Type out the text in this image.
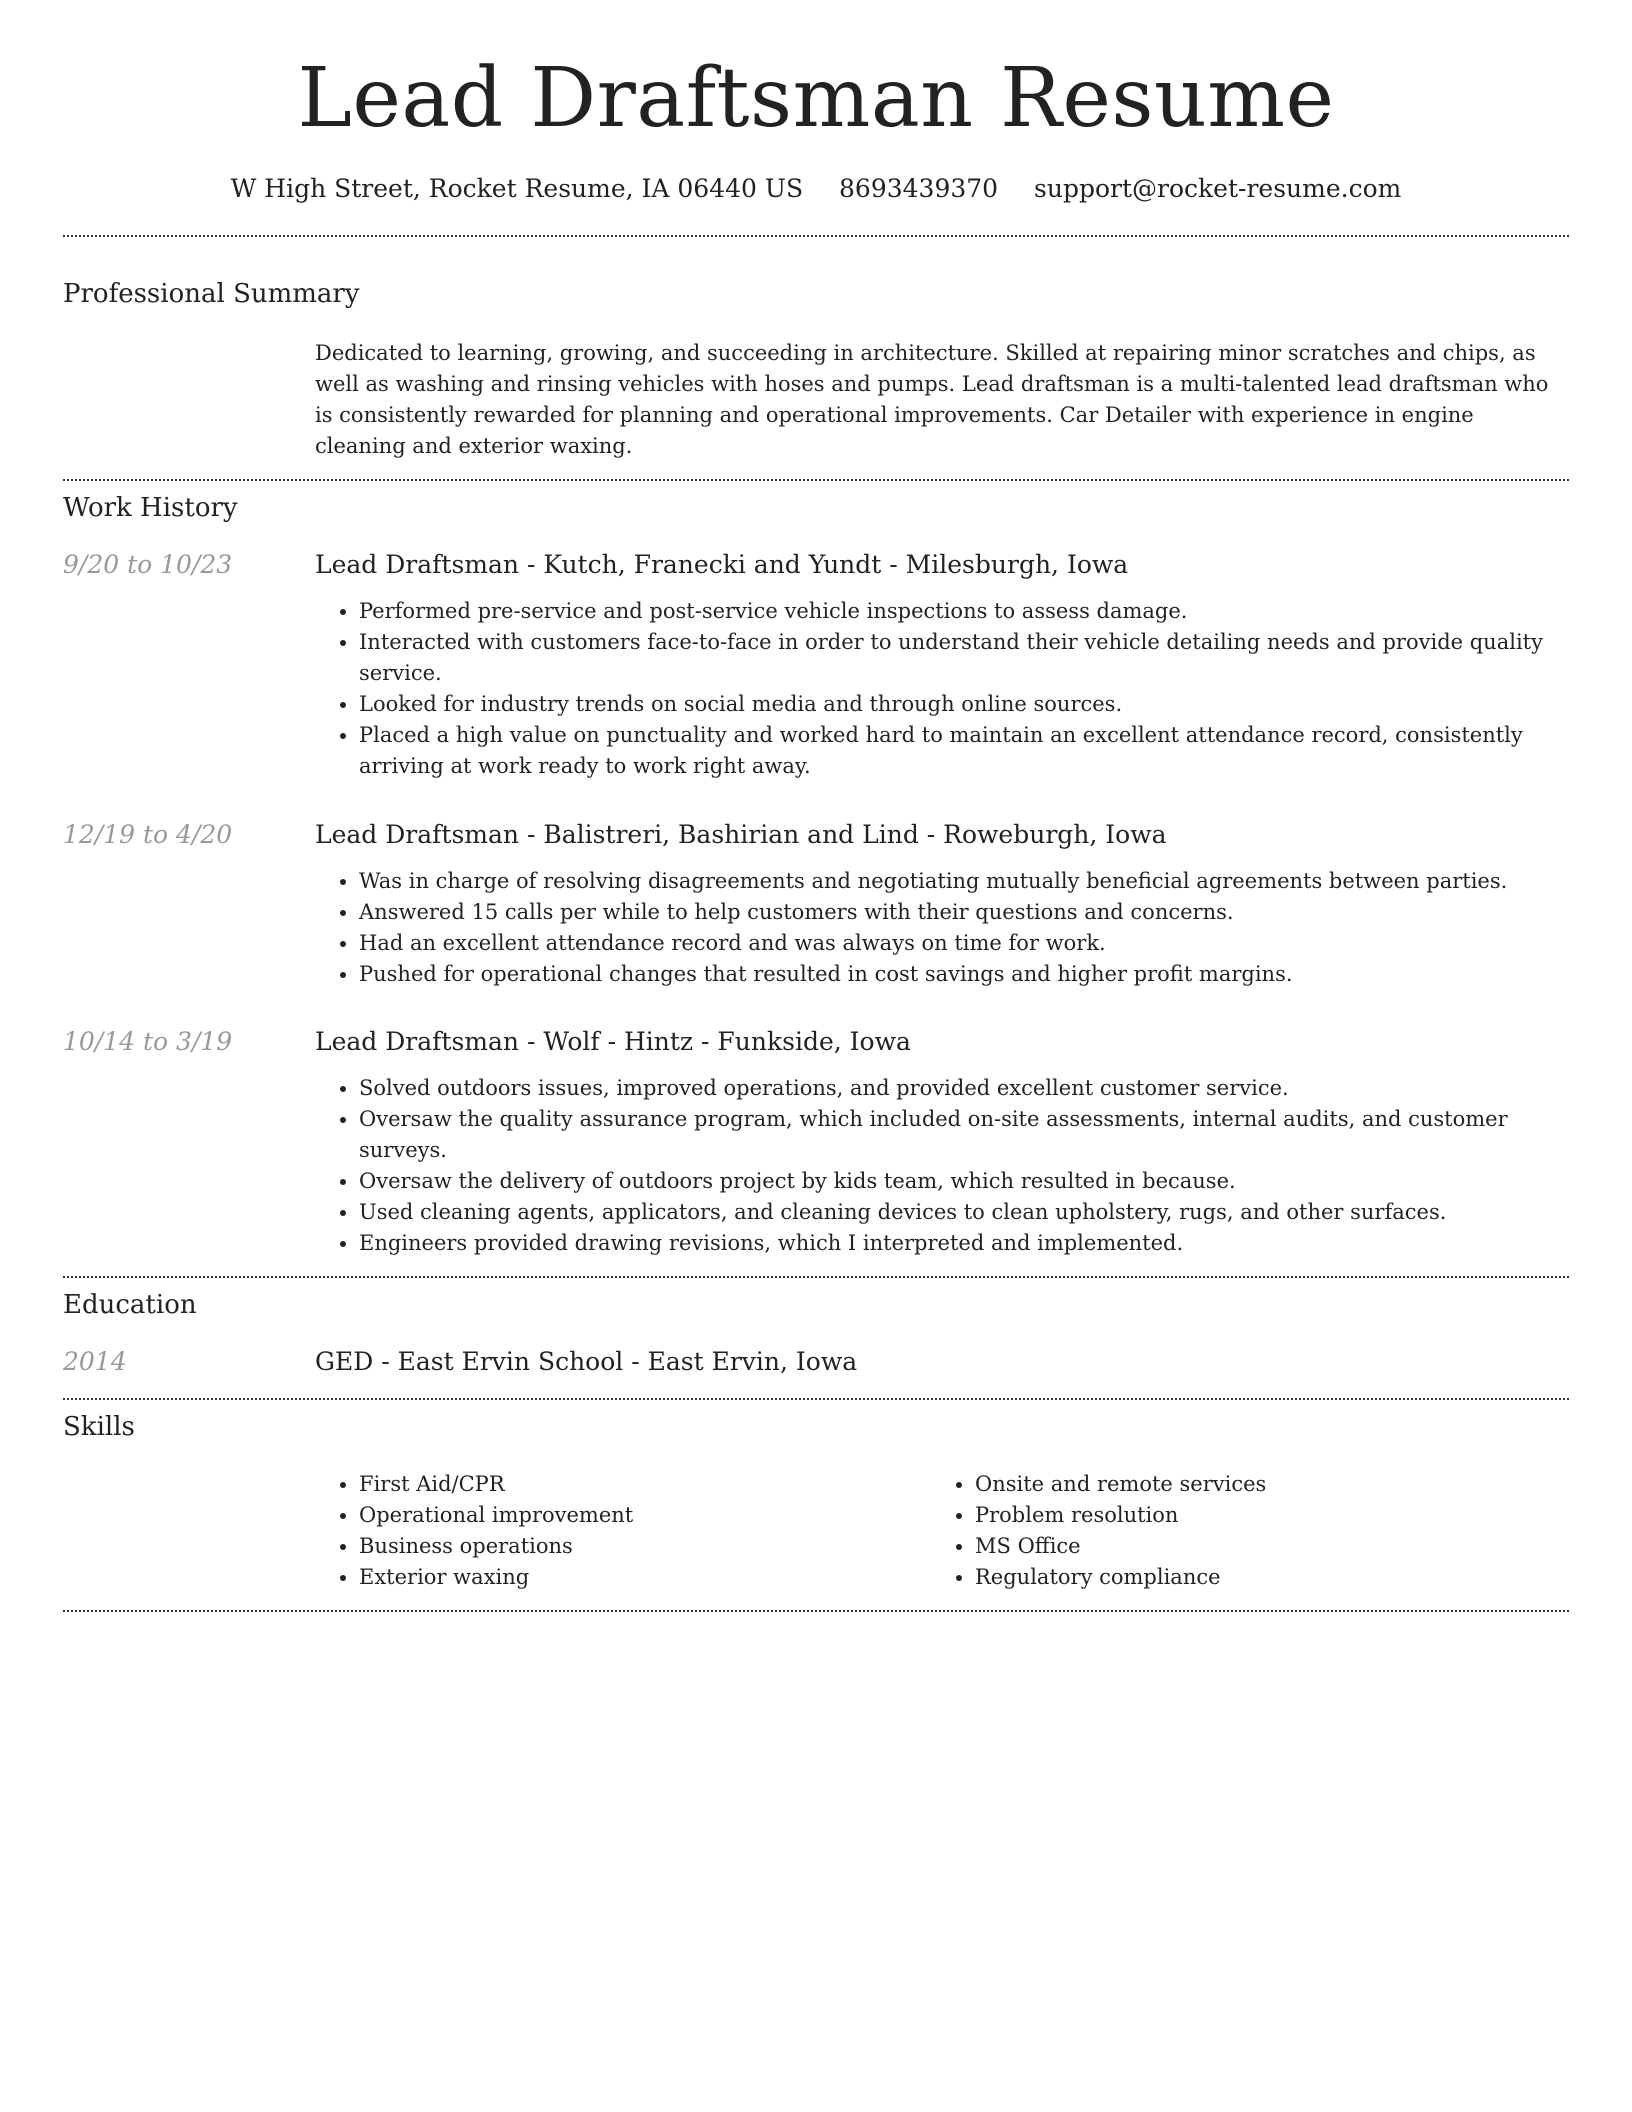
Lead Draftsman Resume
W High Street, Rocket Resume, IA 06440 US 8693439370 support@rocket-resume.com
Professional Summary
Dedicated to learning, growing, and succeeding in architecture. Skilled at repairing minor scratches and chips, as well as washing and rinsing vehicles with hoses and pumps. Lead draftsman is a multi-talented lead draftsman who is consistently rewarded for planning and operational improvements. Car Detailer with experience in engine cleaning and exterior waxing.
Work History
9/20 to 10/23	Lead Draftsman - Kutch, Franecki and Yundt - Milesburgh, Iowa
• Performed pre-service and post-service vehicle inspections to assess damage.
• Interacted with customers face-to-face in order to understand their vehicle detailing needs and provide quality service.
• Looked for industry trends on social media and through online sources.
• Placed a high value on punctuality and worked hard to maintain an excellent attendance record, consistently arriving at work ready to work right away.
12/19 to 4/20	Lead Draftsman - Balistreri, Bashirian and Lind - Roweburgh, Iowa
• Was in charge of resolving disagreements and negotiating mutually beneficial agreements between parties.
• Answered 15 calls per while to help customers with their questions and concerns.
• Had an excellent attendance record and was always on time for work.
• Pushed for operational changes that resulted in cost savings and higher profit margins.
10/14 to 3/19	Lead Draftsman - Wolf - Hintz - Funkside, Iowa
• Solved outdoors issues, improved operations, and provided excellent customer service.
• Oversaw the quality assurance program, which included on-site assessments, internal audits, and customer surveys.
• Oversaw the delivery of outdoors project by kids team, which resulted in because.
• Used cleaning agents, applicators, and cleaning devices to clean upholstery, rugs, and other surfaces.
• Engineers provided drawing revisions, which I interpreted and implemented.
Education
2014	GED - East Ervin School - East Ervin, Iowa
Skills
• First Aid/CPR
• Operational improvement
• Business operations
• Exterior waxing
• Onsite and remote services
• Problem resolution
• MS Office
• Regulatory compliance
